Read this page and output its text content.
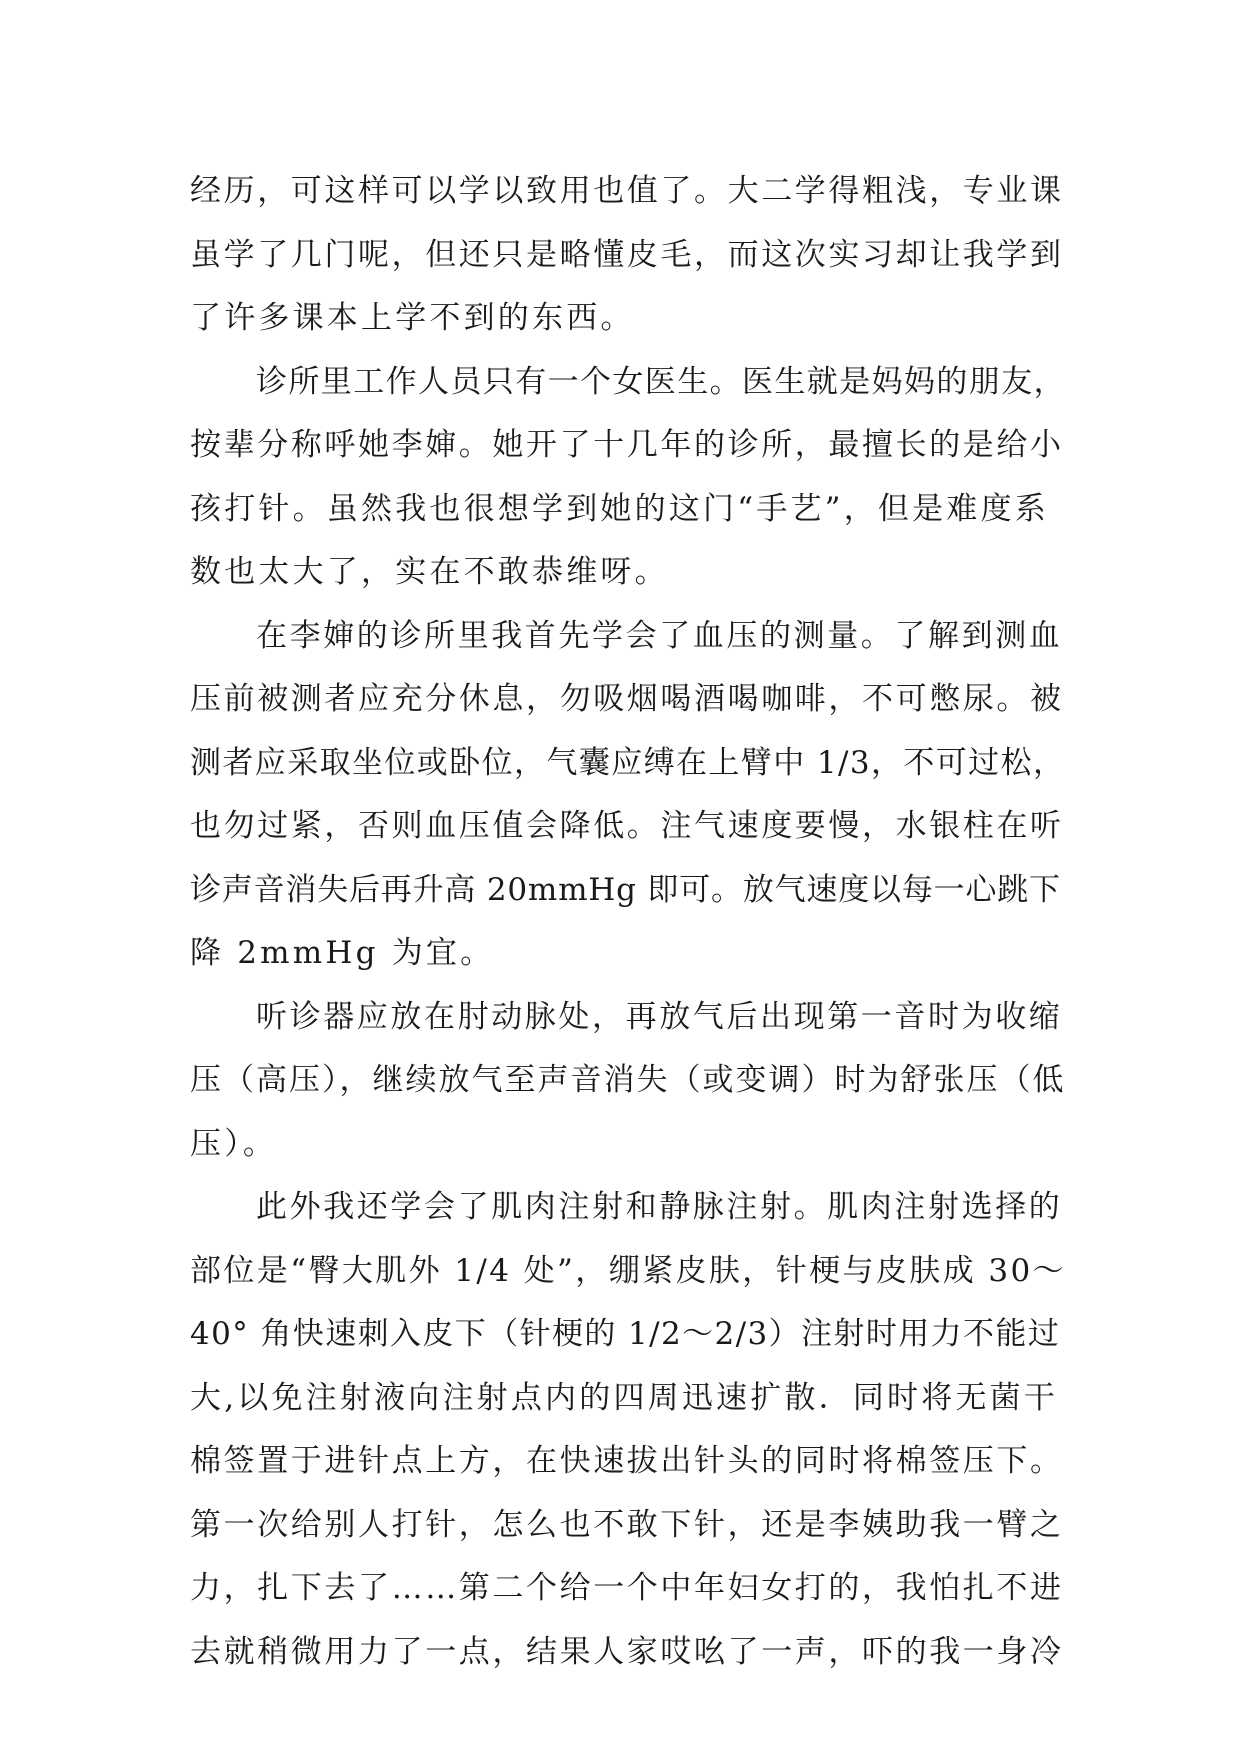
经历，可这样可以学以致用也值了。大二学得粗浅，专业课
虽学了几门呢，但还只是略懂皮毛，而这次实习却让我学到
了许多课本上学不到的东西。

诊所里工作人员只有一个女医生。医生就是妈妈的朋友，
按辈分称呼她李婶。她开了十几年的诊所，最擅长的是给小
孩打针。虽然我也很想学到她的这门“手艺”，但是难度系
数也太大了，实在不敢恭维呀。

在李婶的诊所里我首先学会了血压的测量。了解到测血
压前被测者应充分休息，勿吸烟喝酒喝咖啡，不可憋尿。被
测者应采取坐位或卧位，气囊应缚在上臂中 1/3，不可过松，
也勿过紧，否则血压值会降低。注气速度要慢，水银柱在听
诊声音消失后再升高 20mmHg 即可。放气速度以每一心跳下
降 2mmHg 为宜。

听诊器应放在肘动脉处，再放气后出现第一音时为收缩
压（高压），继续放气至声音消失（或变调）时为舒张压（低
压）。

此外我还学会了肌肉注射和静脉注射。肌肉注射选择的
部位是“臀大肌外 1/4 处”，绷紧皮肤，针梗与皮肤成 30～
40° 角快速刺入皮下（针梗的 1/2～2/3）注射时用力不能过
大,以免注射液向注射点内的四周迅速扩散．同时将无菌干
棉签置于进针点上方，在快速拔出针头的同时将棉签压下。
第一次给别人打针，怎么也不敢下针，还是李姨助我一臂之
力，扎下去了……第二个给一个中年妇女打的，我怕扎不进
去就稍微用力了一点，结果人家哎吆了一声，吓的我一身冷
